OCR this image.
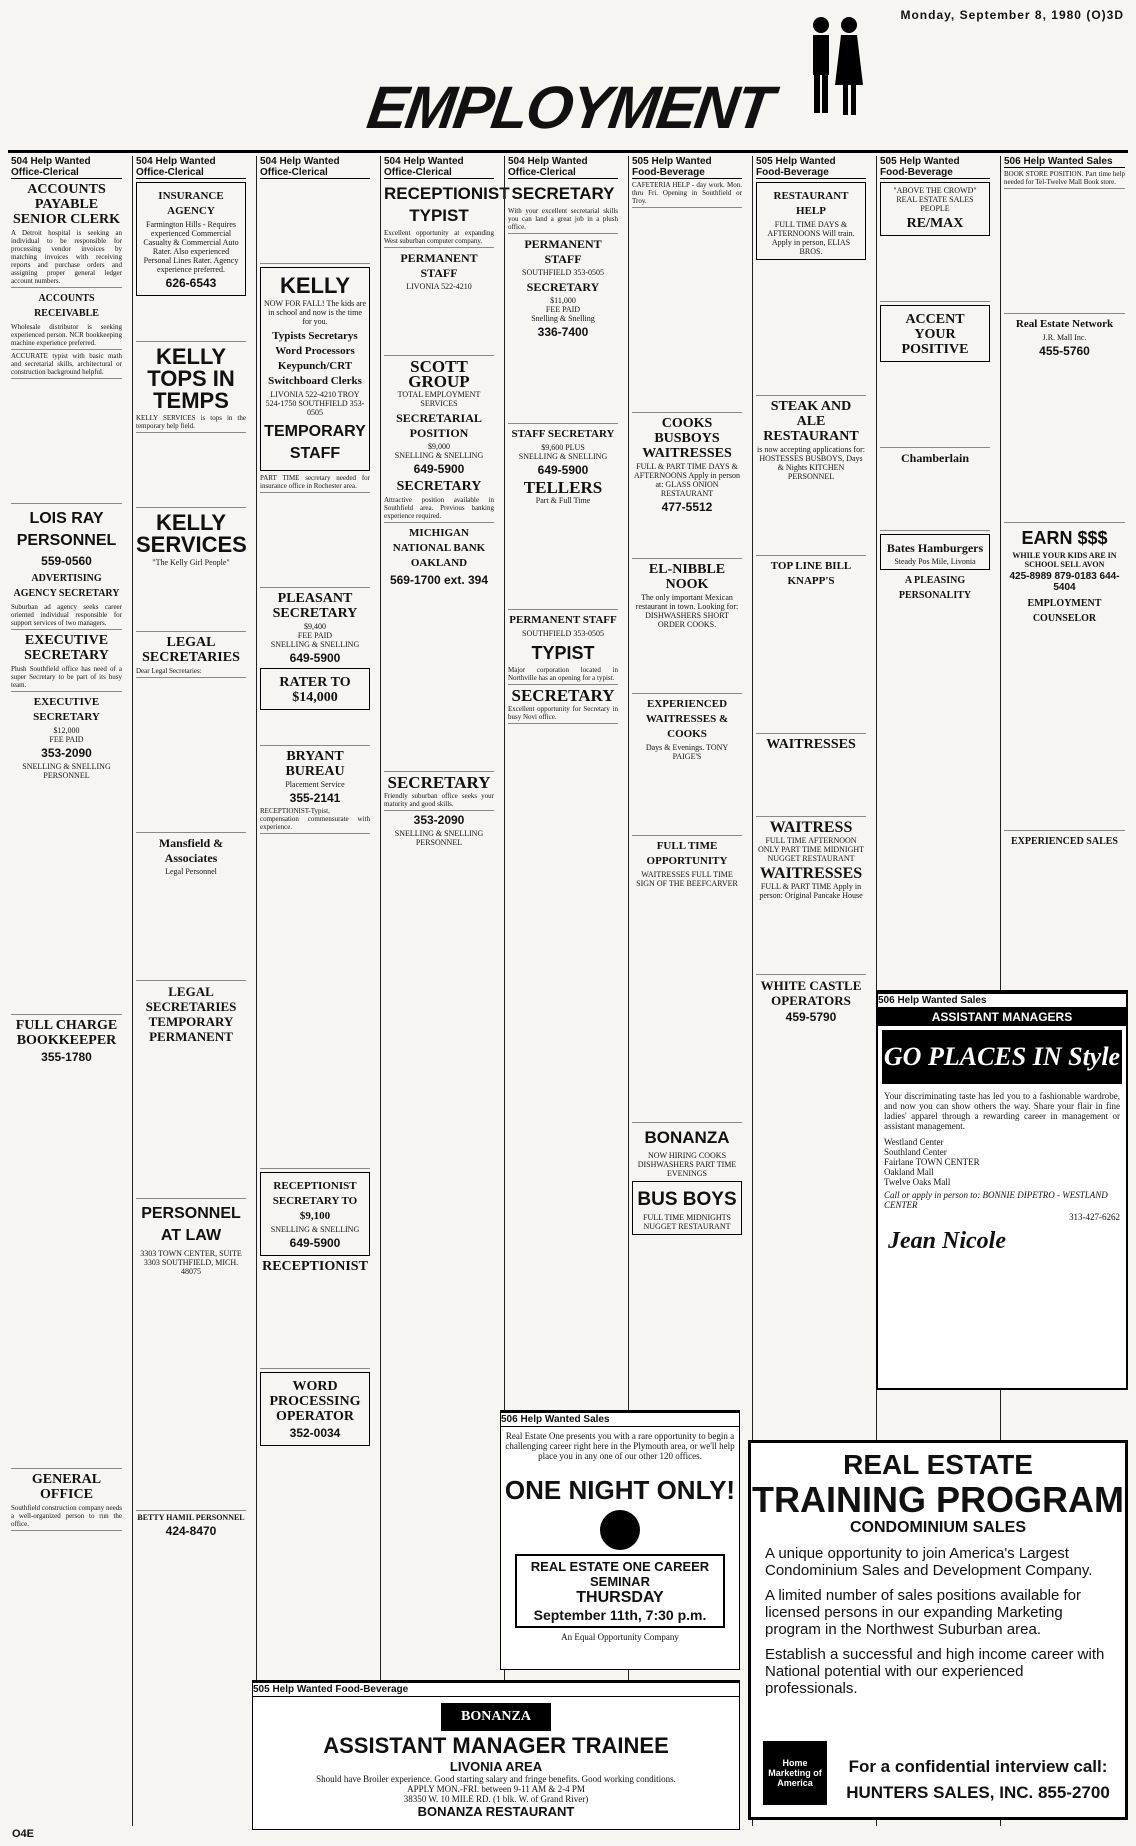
Monday, September 8, 1980 (O)3D
EMPLOYMENT
504 Help Wanted Office-Clerical
ACCOUNTS PAYABLE SENIOR CLERK
A Detroit hospital is seeking an individual to be responsible for processing vendor invoices by matching invoices with receiving reports and purchase orders and assigning proper general ledger account numbers.
ACCOUNTS RECEIVABLE
Wholesale distributor is seeking experienced person. NCR bookkeeping machine experience preferred.
ACCURATE typist with basic math and secretarial skills, architectural or construction background helpful.
LOIS RAY PERSONNEL
559-0560
ADVERTISING AGENCY SECRETARY
Suburban ad agency seeks career oriented individual responsible for support services of two managers.
EXECUTIVE SECRETARY
Plush Southfield office has need of a super Secretary to be part of its busy team.
EXECUTIVE SECRETARY
$12,000
FEE PAID
353-2090
SNELLING & SNELLING PERSONNEL
FULL CHARGE BOOKKEEPER
355-1780
GENERAL OFFICE
Southfield construction company needs a well-organized person to run the office.
504 Help Wanted Office-Clerical
INSURANCE AGENCY
Farmington Hills - Requires experienced Commercial Casualty & Commercial Auto Rater. Also experienced Personal Lines Rater. Agency experience preferred.
626-6543
KELLY TOPS IN TEMPS
KELLY SERVICES is tops in the temporary help field.
KELLY SERVICES
"The Kelly Girl People"
LEGAL SECRETARIES
Dear Legal Secretaries:
Mansfield & Associates
Legal Personnel
LEGAL SECRETARIES TEMPORARY PERMANENT
PERSONNEL AT LAW
3303 TOWN CENTER, SUITE 3303 SOUTHFIELD, MICH. 48075
BETTY HAMIL PERSONNEL
424-8470
504 Help Wanted Office-Clerical
KELLY
NOW FOR FALL! The kids are in school and now is the time for you.
Typists Secretarys Word Processors Keypunch/CRT Switchboard Clerks
LIVONIA 522-4210 TROY 524-1750 SOUTHFIELD 353-0505
TEMPORARY STAFF
PART TIME secretary needed for insurance office in Rochester area.
PLEASANT SECRETARY
$9,400
FEE PAID
SNELLING & SNELLING
649-5900
RATER TO $14,000
BRYANT BUREAU
Placement Service
355-2141
RECEPTIONIST-Typist, compensation commensurate with experience.
RECEPTIONIST SECRETARY TO $9,100
SNELLING & SNELLING
649-5900
RECEPTIONIST
WORD PROCESSING OPERATOR
352-0034
504 Help Wanted Office-Clerical
RECEPTIONIST TYPIST
Excellent opportunity at expanding West suburban computer company.
PERMANENT STAFF
LIVONIA 522-4210
SCOTT GROUP
TOTAL EMPLOYMENT SERVICES
SECRETARIAL POSITION
$9,000
SNELLING & SNELLING
649-5900
SECRETARY
Attractive position available in Southfield area. Previous banking experience required.
MICHIGAN NATIONAL BANK OAKLAND
569-1700 ext. 394
SECRETARY
Friendly suburban office seeks your maturity and good skills.
353-2090
SNELLING & SNELLING PERSONNEL
504 Help Wanted Office-Clerical
SECRETARY
With your excellent secretarial skills you can land a great job in a plush office.
PERMANENT STAFF
SOUTHFIELD 353-0505
SECRETARY
$11,000
FEE PAID
Snelling & Snelling
336-7400
STAFF SECRETARY
$9,600 PLUS
SNELLING & SNELLING
649-5900
TELLERS
Part & Full Time
PERMANENT STAFF
SOUTHFIELD 353-0505
TYPIST
Major corporation located in Northville has an opening for a typist.
SECRETARY
Excellent opportunity for Secretary in busy Novi office.
505 Help Wanted Food-Beverage
CAFETERIA HELP - day work. Mon. thru Fri. Opening in Southfield or Troy.
COOKS BUSBOYS WAITRESSES
FULL & PART TIME DAYS & AFTERNOONS Apply in person at: GLASS ONION RESTAURANT
477-5512
EL-NIBBLE NOOK
The only important Mexican restaurant in town. Looking for: DISHWASHERS SHORT ORDER COOKS.
EXPERIENCED WAITRESSES & COOKS
Days & Evenings. TONY PAIGE'S
FULL TIME OPPORTUNITY
WAITRESSES FULL TIME SIGN OF THE BEEFCARVER
BONANZA
NOW HIRING COOKS DISHWASHERS PART TIME EVENINGS
BUS BOYS
FULL TIME MIDNIGHTS NUGGET RESTAURANT
505 Help Wanted Food-Beverage
RESTAURANT HELP
FULL TIME DAYS & AFTERNOONS Will train. Apply in person, ELIAS BROS.
STEAK AND ALE RESTAURANT
is now accepting applications for: HOSTESSES BUSBOYS, Days & Nights KITCHEN PERSONNEL
TOP LINE BILL KNAPP'S
WAITRESSES
WAITRESS
FULL TIME AFTERNOON ONLY PART TIME MIDNIGHT NUGGET RESTAURANT
WAITRESSES
FULL & PART TIME Apply in person: Original Pancake House
WHITE CASTLE OPERATORS
459-5790
505 Help Wanted Food-Beverage
"ABOVE THE CROWD" REAL ESTATE SALES PEOPLE
RE/MAX
ACCENT YOUR POSITIVE
Chamberlain
Bates Hamburgers
Steady Pos Mile, Livonia
A PLEASING PERSONALITY
506 Help Wanted Sales
BOOK STORE POSITION. Part time help needed for Tel-Twelve Mall Book store.
Real Estate Network
J.R. Mall Inc.
455-5760
EARN $$$
WHILE YOUR KIDS ARE IN SCHOOL SELL AVON
425-8989 879-0183 644-5404
EMPLOYMENT COUNSELOR
EXPERIENCED SALES
506 Help Wanted Sales
ASSISTANT MANAGERS
GO PLACES IN Style
Your discriminating taste has led you to a fashionable wardrobe, and now you can show others the way. Share your flair in fine ladies' apparel through a rewarding career in management or assistant management.
Westland Center
Southland Center
Fairlane TOWN CENTER
Oakland Mall
Twelve Oaks Mall
Call or apply in person to: BONNIE DIPETRO - WESTLAND CENTER
313-427-6262
Jean Nicole
506 Help Wanted Sales
Real Estate One presents you with a rare opportunity to begin a challenging career right here in the Plymouth area, or we'll help place you in any one of our other 120 offices.
ONE NIGHT ONLY!
REAL ESTATE ONE CAREER SEMINAR
THURSDAY
September 11th, 7:30 p.m.
An Equal Opportunity Company
505 Help Wanted Food-Beverage
BONANZA
ASSISTANT MANAGER TRAINEE
LIVONIA AREA
Should have Broiler experience. Good starting salary and fringe benefits. Good working conditions.
APPLY MON.-FRI. between 9-11 AM & 2-4 PM
38350 W. 10 MILE RD. (1 blk. W. of Grand River)
BONANZA RESTAURANT
REAL ESTATE
TRAINING PROGRAM
CONDOMINIUM SALES
A unique opportunity to join America's Largest Condominium Sales and Development Company.
A limited number of sales positions available for licensed persons in our expanding Marketing program in the Northwest Suburban area.
Establish a successful and high income career with National potential with our experienced professionals.
Home Marketing of America
For a confidential interview call:
HUNTERS SALES, INC. 855-2700
O4E
